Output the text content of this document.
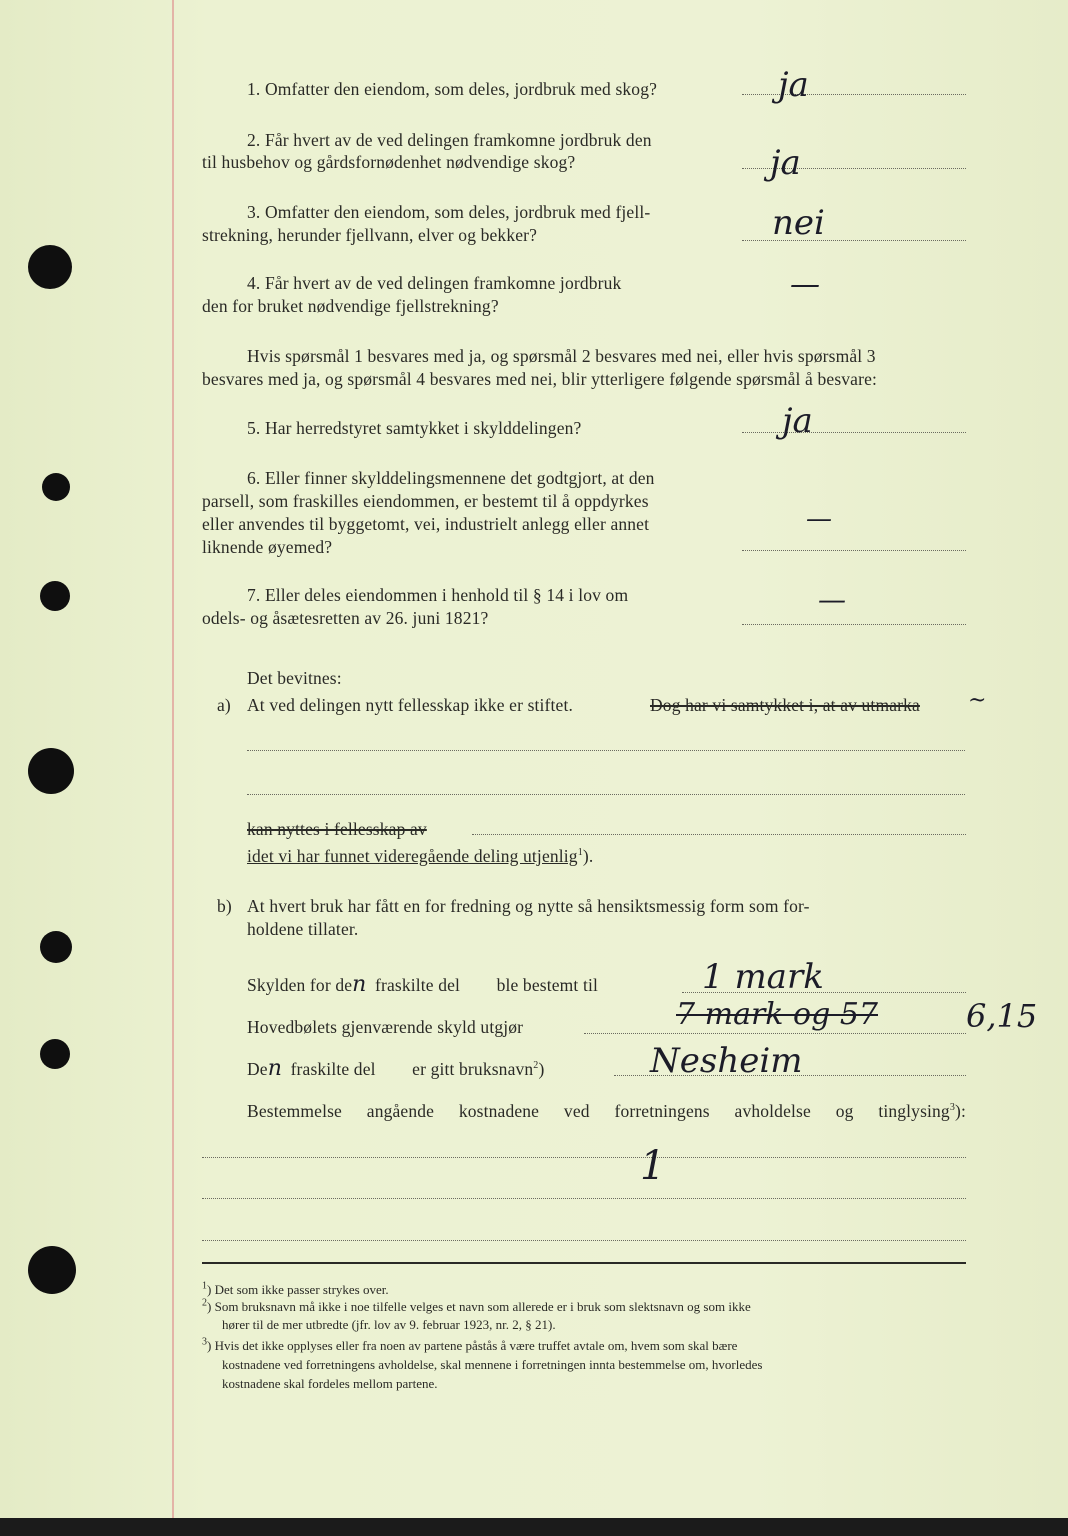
1. Omfatter den eiendom, som deles, jordbruk med skog?	ja
2. Får hvert av de ved delingen framkomne jordbruk den
til husbehov og gårdsfornødenhet nødvendige skog?	ja
3. Omfatter den eiendom, som deles, jordbruk med fjell-
strekning, herunder fjellvann, elver og bekker?	nei
4. Får hvert av de ved delingen framkomne jordbruk
den for bruket nødvendige fjellstrekning?
—
Hvis spørsmål 1 besvares med ja, og spørsmål 2 besvares med nei, eller hvis spørsmål 3
besvares med ja, og spørsmål 4 besvares med nei, blir ytterligere følgende spørsmål å besvare:
5. Har herredstyret samtykket i skylddelingen?	ja
6. Eller finner skylddelingsmennene det godtgjort, at den
parsell, som fraskilles eiendommen, er bestemt til å oppdyrkes
eller anvendes til byggetomt, vei, industrielt anlegg eller annet
liknende øyemed?
—
7. Eller deles eiendommen i henhold til § 14 i lov om
odels- og åsætesretten av 26. juni 1821?
—
Det bevitnes:
a) At ved delingen nytt fellesskap ikke er stiftet.	Dog har vi samtykket i, at av utmarka ~
kan nyttes i fellesskap av
idet vi har funnet videregående deling utjenlig$^1$).
b) At hvert bruk har fått en for fredning og nytte så hensiktsmessig form som for-
holdene tillater.
Skylden for den fraskilte del ble bestemt til	1 mark
Hovedbølets gjenværende skyld utgjør	7 mark og 57	6,15
Den fraskilte del er gitt bruksnavn$^2$)	Nesheim
Bestemmelse angående kostnadene ved forretningens avholdelse og tinglysing$^3$):
1
$^1$) Det som ikke passer strykes over.
$^2$) Som bruksnavn må ikke i noe tilfelle velges et navn som allerede er i bruk som slektsnavn og som ikke
hører til de mer utbredte (jfr. lov av 9. februar 1923, nr. 2, § 21).
$^3$) Hvis det ikke opplyses eller fra noen av partene påstås å være truffet avtale om, hvem som skal bære
kostnadene ved forretningens avholdelse, skal mennene i forretningen innta bestemmelse om, hvorledes
kostnadene skal fordeles mellom partene.
